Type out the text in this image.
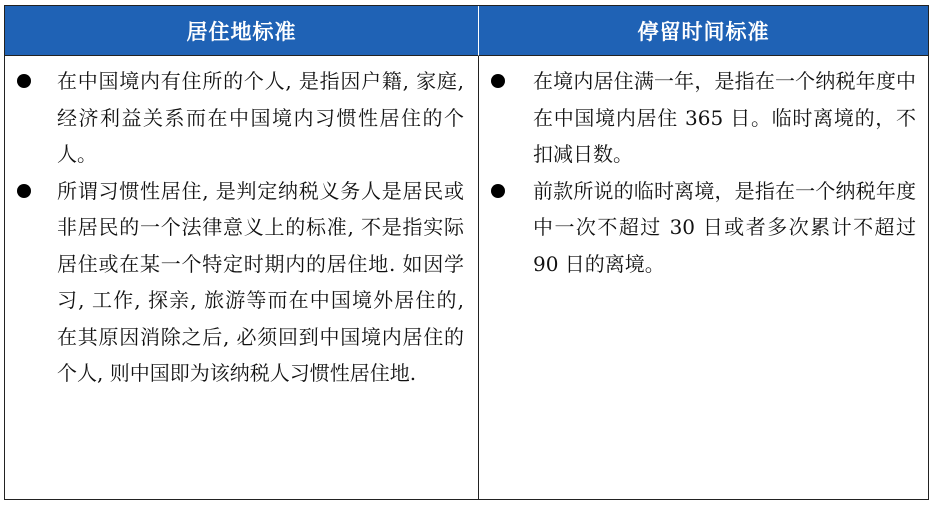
居住地标准	停留时间标准
在中国境内有住所的个人, 是指因户籍, 家庭, 经济利益关系而在中国境内习惯性居住的个人。
所谓习惯性居住, 是判定纳税义务人是居民或非居民的一个法律意义上的标准, 不是指实际居住或在某一个特定时期内的居住地. 如因学习, 工作, 探亲, 旅游等而在中国境外居住的, 在其原因消除之后, 必须回到中国境内居住的个人, 则中国即为该纳税人习惯性居住地.
在境内居住满一年，是指在一个纳税年度中在中国境内居住 365 日。临时离境的，不扣减日数。
前款所说的临时离境，是指在一个纳税年度中一次不超过 30 日或者多次累计不超过 90 日的离境。
